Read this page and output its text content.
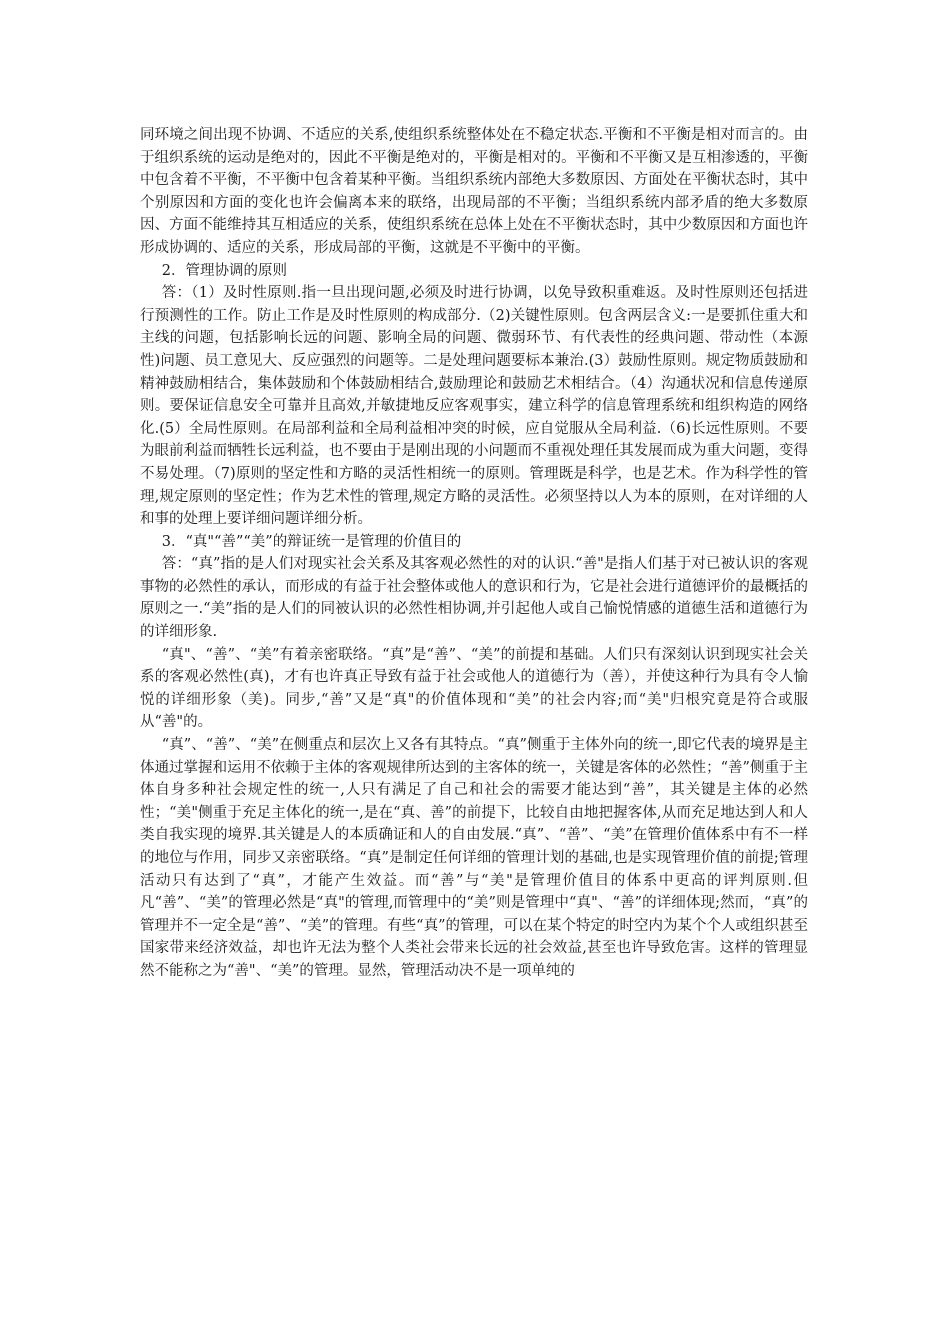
同环境之间出现不协调、不适应的关系,使组织系统整体处在不稳定状态.平衡和不平衡是相对而言的。由于组织系统的运动是绝对的，因此不平衡是绝对的，平衡是相对的。平衡和不平衡又是互相渗透的，平衡中包含着不平衡，不平衡中包含着某种平衡。当组织系统内部绝大多数原因、方面处在平衡状态时，其中个别原因和方面的变化也许会偏离本来的联络，出现局部的不平衡；当组织系统内部矛盾的绝大多数原因、方面不能维持其互相适应的关系，使组织系统在总体上处在不平衡状态时，其中少数原因和方面也许形成协调的、适应的关系，形成局部的平衡，这就是不平衡中的平衡。

2．管理协调的原则

答：（1）及时性原则.指一旦出现问题,必须及时进行协调，以免导致积重难返。及时性原则还包括进行预测性的工作。防止工作是及时性原则的构成部分.（2)关键性原则。包含两层含义:一是要抓住重大和主线的问题，包括影响长远的问题、影响全局的问题、微弱环节、有代表性的经典问题、带动性（本源性)问题、员工意见大、反应强烈的问题等。二是处理问题要标本兼治.(3）鼓励性原则。规定物质鼓励和精神鼓励相结合，集体鼓励和个体鼓励相结合,鼓励理论和鼓励艺术相结合。（4）沟通状况和信息传递原则。要保证信息安全可靠并且高效,并敏捷地反应客观事实，建立科学的信息管理系统和组织构造的网络化.(5）全局性原则。在局部利益和全局利益相冲突的时候，应自觉服从全局利益.（6)长远性原则。不要为眼前利益而牺牲长远利益，也不要由于是刚出现的小问题而不重视处理任其发展而成为重大问题，变得不易处理。（7)原则的坚定性和方略的灵活性相统一的原则。管理既是科学，也是艺术。作为科学性的管理,规定原则的坚定性；作为艺术性的管理,规定方略的灵活性。必须坚持以人为本的原则，在对详细的人和事的处理上要详细问题详细分析。

3．“真"“善”“美”的辩证统一是管理的价值目的

答：“真”指的是人们对现实社会关系及其客观必然性的对的认识.“善"是指人们基于对已被认识的客观事物的必然性的承认，而形成的有益于社会整体或他人的意识和行为，它是社会进行道德评价的最概括的原则之一.“美”指的是人们的同被认识的必然性相协调,并引起他人或自己愉悦情感的道德生活和道德行为的详细形象.

“真"、“善”、“美”有着亲密联络。“真”是“善”、“美”的前提和基础。人们只有深刻认识到现实社会关系的客观必然性(真)，才有也许真正导致有益于社会或他人的道德行为（善），并使这种行为具有令人愉悦的详细形象（美)。同步,“善”又是“真"的价值体现和“美”的社会内容;而“美"归根究竟是符合或服从“善"的。

“真”、“善”、“美”在侧重点和层次上又各有其特点。“真”侧重于主体外向的统一,即它代表的境界是主体通过掌握和运用不依赖于主体的客观规律所达到的主客体的统一，关键是客体的必然性；“善”侧重于主体自身多种社会规定性的统一,人只有满足了自己和社会的需要才能达到“善”，其关键是主体的必然性；“美"侧重于充足主体化的统一,是在“真、善”的前提下，比较自由地把握客体,从而充足地达到人和人类自我实现的境界.其关键是人的本质确证和人的自由发展.“真”、“善”、“美”在管理价值体系中有不一样的地位与作用，同步又亲密联络。“真”是制定任何详细的管理计划的基础,也是实现管理价值的前提;管理活动只有达到了“真”，才能产生效益。而“善”与“美"是管理价值目的体系中更高的评判原则.但凡“善”、“美”的管理必然是“真"的管理,而管理中的“美”则是管理中“真"、“善”的详细体现;然而，“真”的管理并不一定全是“善”、“美”的管理。有些“真”的管理，可以在某个特定的时空内为某个个人或组织甚至国家带来经济效益，却也许无法为整个人类社会带来长远的社会效益,甚至也许导致危害。这样的管理显然不能称之为“善"、“美”的管理。显然，管理活动决不是一项单纯的
